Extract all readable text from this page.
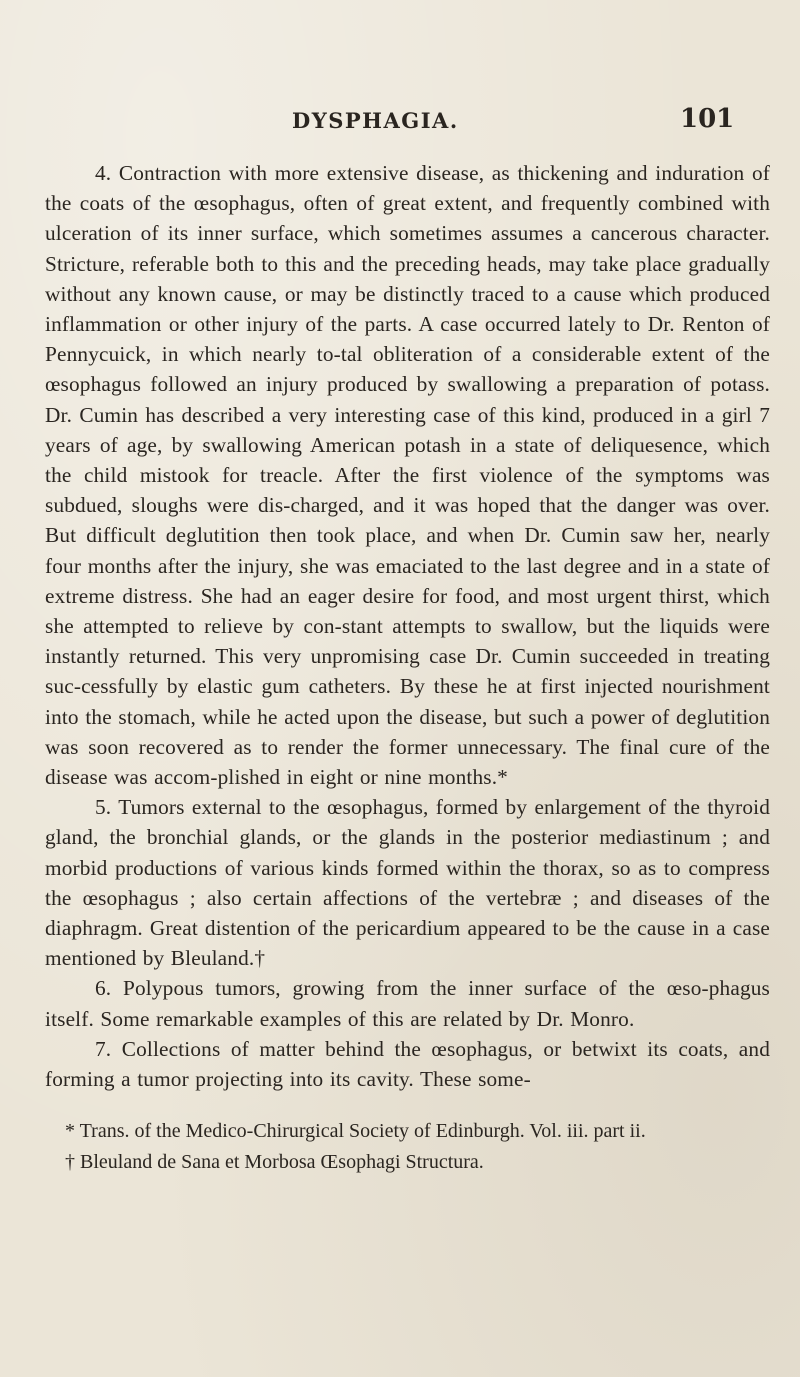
DYSPHAGIA.	101

4. Contraction with more extensive disease, as thickening and induration of the coats of the œsophagus, often of great extent, and frequently combined with ulceration of its inner surface, which sometimes assumes a cancerous character. Stricture, referable both to this and the preceding heads, may take place gradually without any known cause, or may be distinctly traced to a cause which produced inflammation or other injury of the parts. A case occurred lately to Dr. Renton of Pennycuick, in which nearly to-tal obliteration of a considerable extent of the œsophagus followed an injury produced by swallowing a preparation of potass. Dr. Cumin has described a very interesting case of this kind, produced in a girl 7 years of age, by swallowing American potash in a state of deliquesence, which the child mistook for treacle. After the first violence of the symptoms was subdued, sloughs were dis-charged, and it was hoped that the danger was over. But difficult deglutition then took place, and when Dr. Cumin saw her, nearly four months after the injury, she was emaciated to the last degree and in a state of extreme distress. She had an eager desire for food, and most urgent thirst, which she attempted to relieve by con-stant attempts to swallow, but the liquids were instantly returned. This very unpromising case Dr. Cumin succeeded in treating suc-cessfully by elastic gum catheters. By these he at first injected nourishment into the stomach, while he acted upon the disease, but such a power of deglutition was soon recovered as to render the former unnecessary. The final cure of the disease was accom-plished in eight or nine months.*

5. Tumors external to the œsophagus, formed by enlargement of the thyroid gland, the bronchial glands, or the glands in the posterior mediastinum ; and morbid productions of various kinds formed within the thorax, so as to compress the œsophagus ; also certain affections of the vertebræ ; and diseases of the diaphragm. Great distention of the pericardium appeared to be the cause in a case mentioned by Bleuland.†

6. Polypous tumors, growing from the inner surface of the œso-phagus itself. Some remarkable examples of this are related by Dr. Monro.

7. Collections of matter behind the œsophagus, or betwixt its coats, and forming a tumor projecting into its cavity. These some-

* Trans. of the Medico-Chirurgical Society of Edinburgh. Vol. iii. part ii.

† Bleuland de Sana et Morbosa Œsophagi Structura.
